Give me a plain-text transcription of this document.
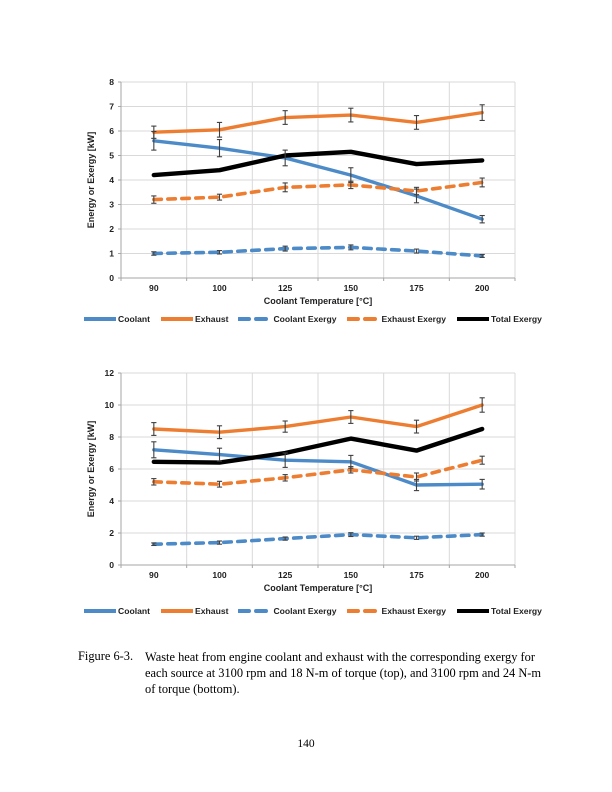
0
1
2
3
4
5
6
7
8
90	100	125	150	175	200
Coolant Temperature [°C]
Energy or Exergy [kW]
Coolant	Exhaust	Coolant Exergy	Exhaust Exergy	Total Exergy
0
2
4
6
8
10
12
90	100	125	150	175	200
Coolant Temperature [°C]
Energy or Exergy [kW]
Coolant	Exhaust	Coolant Exergy	Exhaust Exergy	Total Exergy
Figure 6-3. Waste heat from engine coolant and exhaust with the corresponding exergy for
each source at 3100 rpm and 18 N-m of torque (top), and 3100 rpm and 24 N-m
of torque (bottom).
140
